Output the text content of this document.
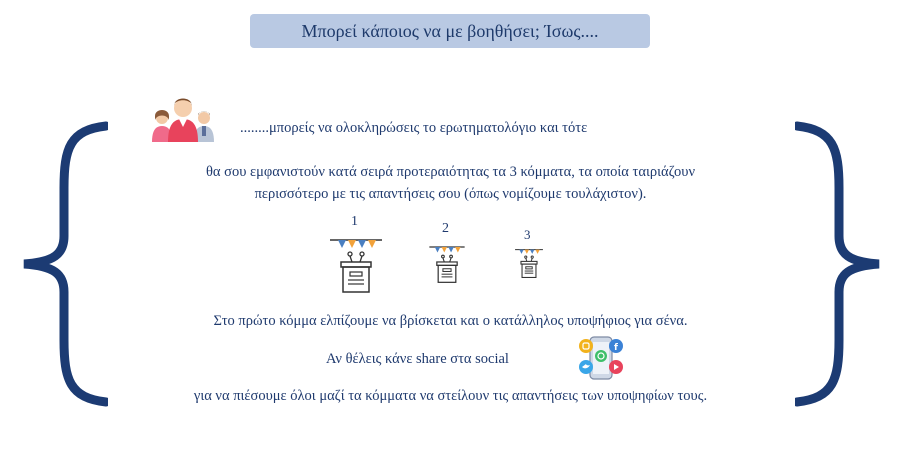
Μπορεί κάποιος να με βοηθήσει; Ίσως....
........μπορείς να ολοκληρώσεις το ερωτηματολόγιο και τότε
θα σου εμφανιστούν κατά σειρά προτεραιότητας τα 3 κόμματα, τα οποία ταιριάζουν
περισσότερο με τις απαντήσεις σου (όπως νομίζουμε τουλάχιστον).
1	2	3
Στο πρώτο κόμμα ελπίζουμε να βρίσκεται και ο κατάλληλος υποψήφιος για σένα.
Αν θέλεις κάνε share στα social
f
για να πιέσουμε όλοι μαζί τα κόμματα να στείλουν τις απαντήσεις των υποψηφίων τους.
